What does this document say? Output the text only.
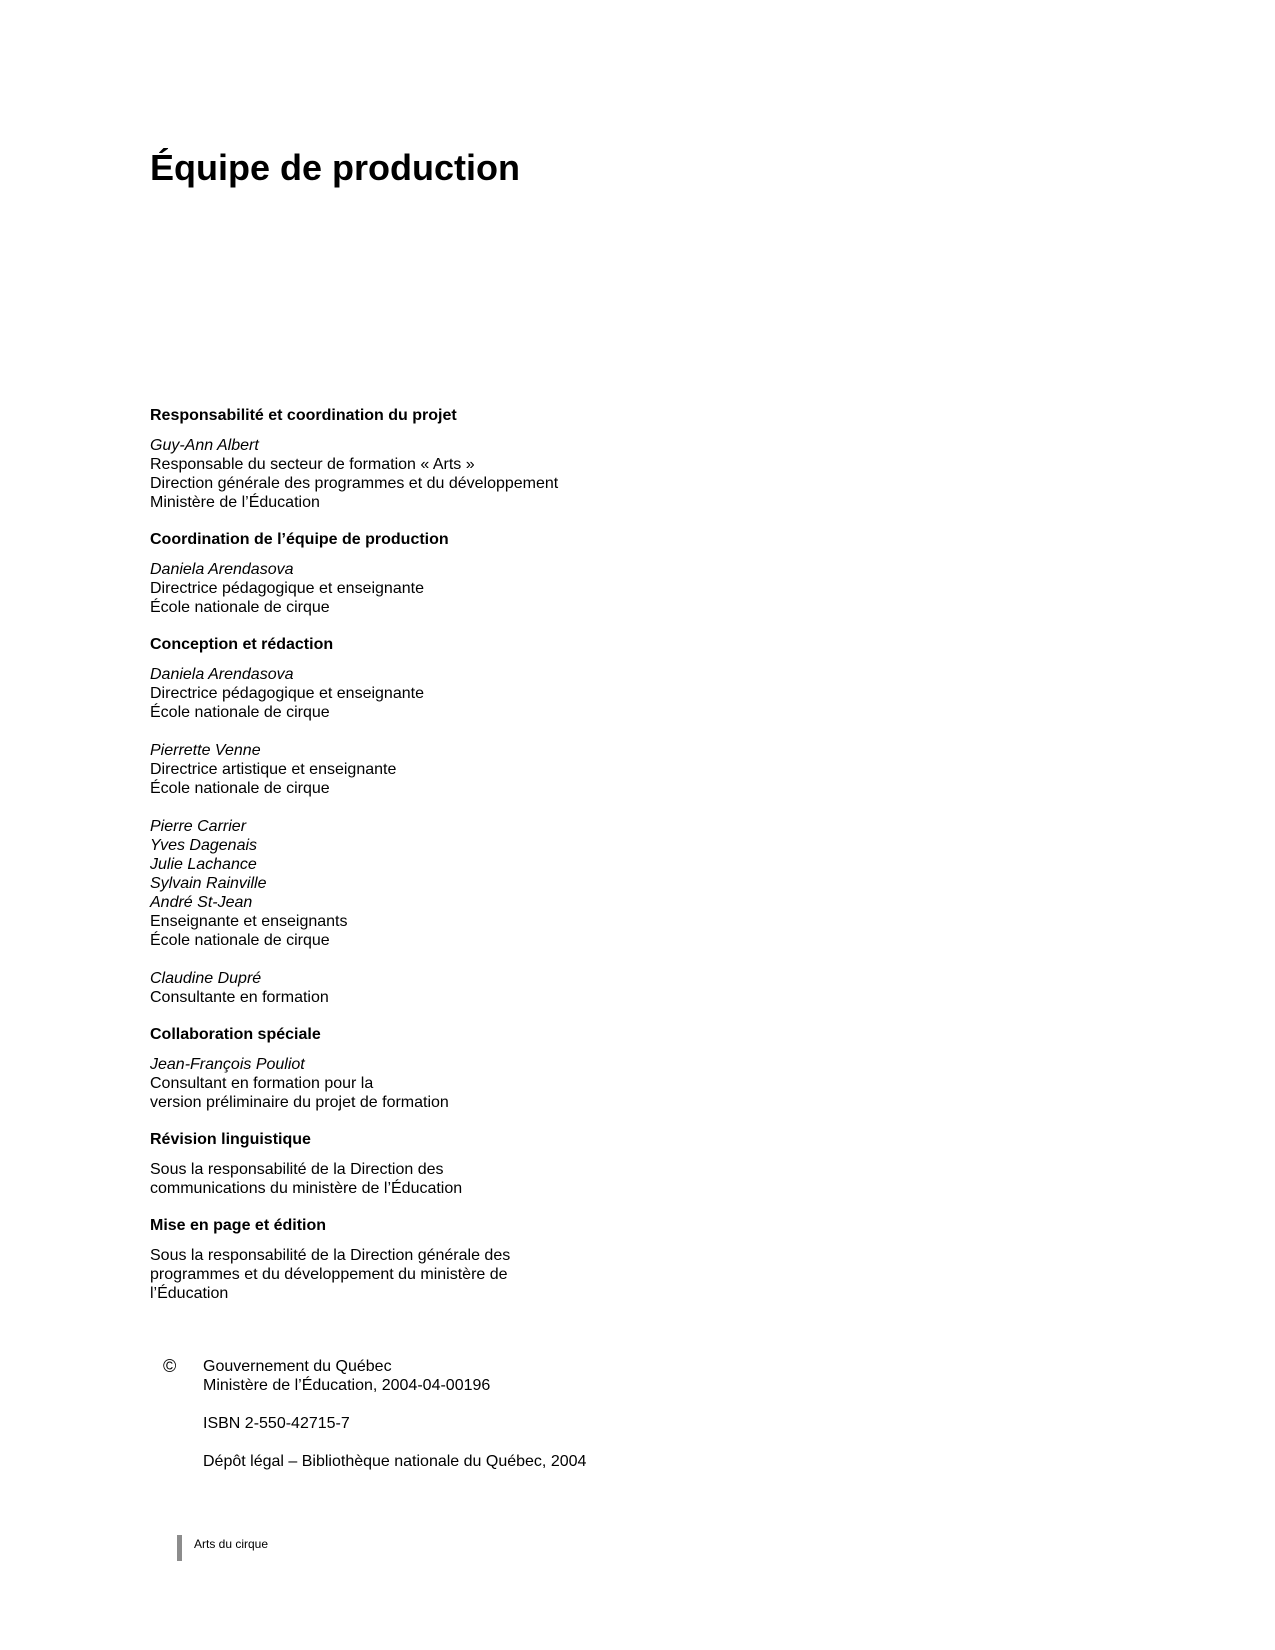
Équipe de production
Responsabilité et coordination du projet
Guy-Ann Albert
Responsable du secteur de formation « Arts »
Direction générale des programmes et du développement
Ministère de l’Éducation
Coordination de l’équipe de production
Daniela Arendasova
Directrice pédagogique et enseignante
École nationale de cirque
Conception et rédaction
Daniela Arendasova
Directrice pédagogique et enseignante
École nationale de cirque
Pierrette Venne
Directrice artistique et enseignante
École nationale de cirque
Pierre Carrier
Yves Dagenais
Julie Lachance
Sylvain Rainville
André St-Jean
Enseignante et enseignants
École nationale de cirque
Claudine Dupré
Consultante en formation
Collaboration spéciale
Jean-François Pouliot
Consultant en formation pour la
version préliminaire du projet de formation
Révision linguistique
Sous la responsabilité de la Direction des
communications du ministère de l’Éducation
Mise en page et édition
Sous la responsabilité de la Direction générale des
programmes et du développement du ministère de
l’Éducation
© Gouvernement du Québec
Ministère de l’Éducation, 2004-04-00196
ISBN 2-550-42715-7
Dépôt légal – Bibliothèque nationale du Québec, 2004
Arts du cirque
